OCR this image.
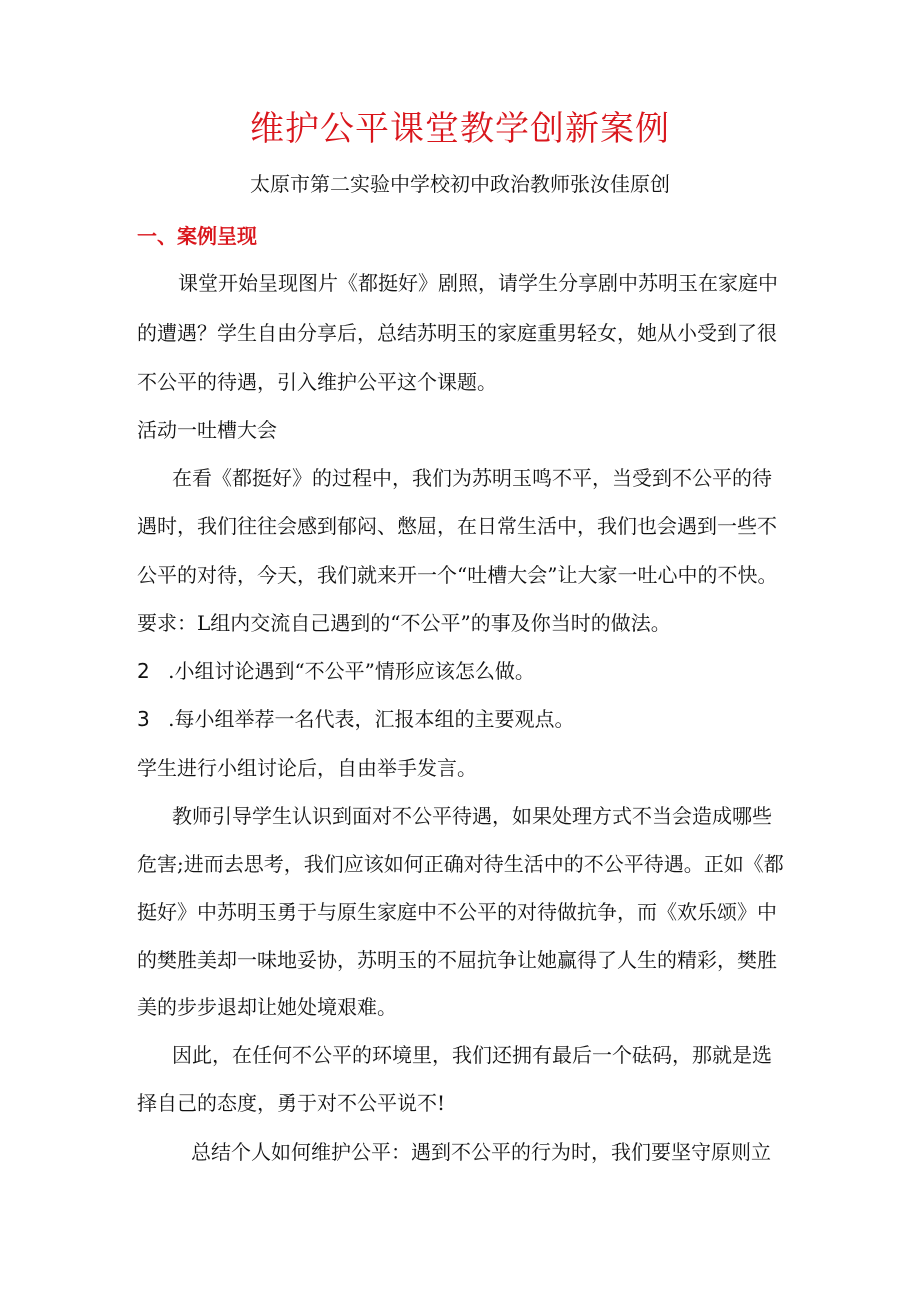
维护公平课堂教学创新案例
太原市第二实验中学校初中政治教师张汝佳原创
一、案例呈现
课堂开始呈现图片《都挺好》剧照，请学生分享剧中苏明玉在家庭中
的遭遇？学生自由分享后，总结苏明玉的家庭重男轻女，她从小受到了很
不公平的待遇，引入维护公平这个课题。
活动一吐槽大会
在看《都挺好》的过程中，我们为苏明玉鸣不平，当受到不公平的待
遇时，我们往往会感到郁闷、憋屈，在日常生活中，我们也会遇到一些不
公平的对待，今天，我们就来开一个“吐槽大会”让大家一吐心中的不快。
要求：L组内交流自己遇到的“不公平”的事及你当时的做法。
2 .小组讨论遇到“不公平”情形应该怎么做。
3 .每小组举荐一名代表，汇报本组的主要观点。
学生进行小组讨论后，自由举手发言。
教师引导学生认识到面对不公平待遇，如果处理方式不当会造成哪些
危害;进而去思考，我们应该如何正确对待生活中的不公平待遇。正如《都
挺好》中苏明玉勇于与原生家庭中不公平的对待做抗争，而《欢乐颂》中
的樊胜美却一味地妥协，苏明玉的不屈抗争让她赢得了人生的精彩，樊胜
美的步步退却让她处境艰难。
因此，在任何不公平的环境里，我们还拥有最后一个砝码，那就是选
择自己的态度，勇于对不公平说不!
总结个人如何维护公平：遇到不公平的行为时，我们要坚守原则立
